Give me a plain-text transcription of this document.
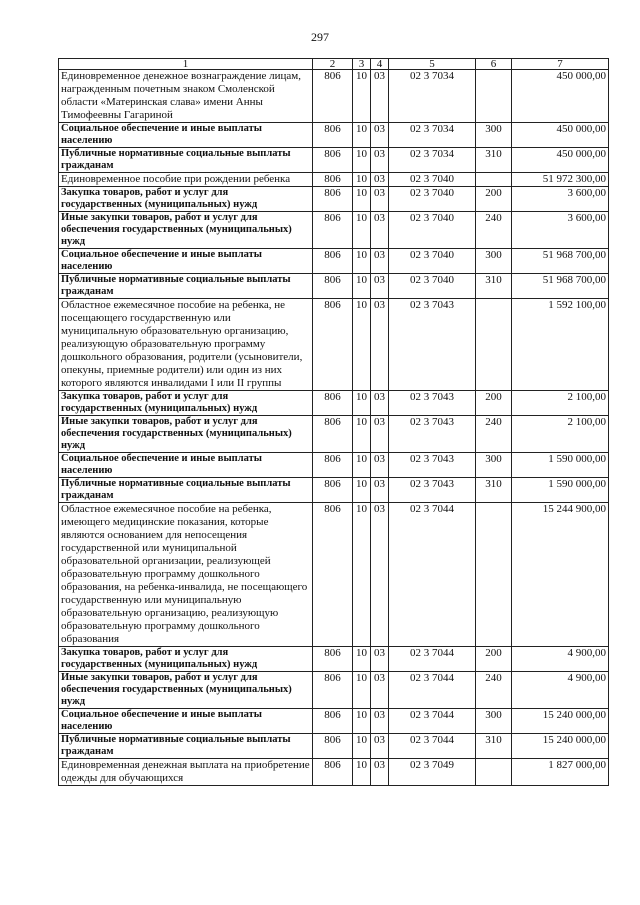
297
1	2	3	4	5	6	7
Единовременное денежное вознаграждение лицам, награжденным почетным знаком Смоленской области «Материнская слава» имени Анны Тимофеевны Гагариной	806	10	03	02 3 7034		450 000,00
Социальное обеспечение и иные выплаты населению	806	10	03	02 3 7034	300	450 000,00
Публичные нормативные социальные выплаты гражданам	806	10	03	02 3 7034	310	450 000,00
Единовременное пособие при рождении ребенка	806	10	03	02 3 7040		51 972 300,00
Закупка товаров, работ и услуг для государственных (муниципальных) нужд	806	10	03	02 3 7040	200	3 600,00
Иные закупки товаров, работ и услуг для обеспечения государственных (муниципальных) нужд	806	10	03	02 3 7040	240	3 600,00
Социальное обеспечение и иные выплаты населению	806	10	03	02 3 7040	300	51 968 700,00
Публичные нормативные социальные выплаты гражданам	806	10	03	02 3 7040	310	51 968 700,00
Областное ежемесячное пособие на ребенка, не посещающего государственную или муниципальную образовательную организацию, реализующую образовательную программу дошкольного образования, родители (усыновители, опекуны, приемные родители) или один из них которого являются инвалидами I или II группы	806	10	03	02 3 7043		1 592 100,00
Закупка товаров, работ и услуг для государственных (муниципальных) нужд	806	10	03	02 3 7043	200	2 100,00
Иные закупки товаров, работ и услуг для обеспечения государственных (муниципальных) нужд	806	10	03	02 3 7043	240	2 100,00
Социальное обеспечение и иные выплаты населению	806	10	03	02 3 7043	300	1 590 000,00
Публичные нормативные социальные выплаты гражданам	806	10	03	02 3 7043	310	1 590 000,00
Областное ежемесячное пособие на ребенка, имеющего медицинские показания, которые являются основанием для непосещения государственной или муниципальной образовательной организации, реализующей образовательную программу дошкольного образования, на ребенка-инвалида, не посещающего государственную или муниципальную образовательную организацию, реализующую образовательную программу дошкольного образования	806	10	03	02 3 7044		15 244 900,00
Закупка товаров, работ и услуг для государственных (муниципальных) нужд	806	10	03	02 3 7044	200	4 900,00
Иные закупки товаров, работ и услуг для обеспечения государственных (муниципальных) нужд	806	10	03	02 3 7044	240	4 900,00
Социальное обеспечение и иные выплаты населению	806	10	03	02 3 7044	300	15 240 000,00
Публичные нормативные социальные выплаты гражданам	806	10	03	02 3 7044	310	15 240 000,00
Единовременная денежная выплата на приобретение одежды для обучающихся	806	10	03	02 3 7049		1 827 000,00
